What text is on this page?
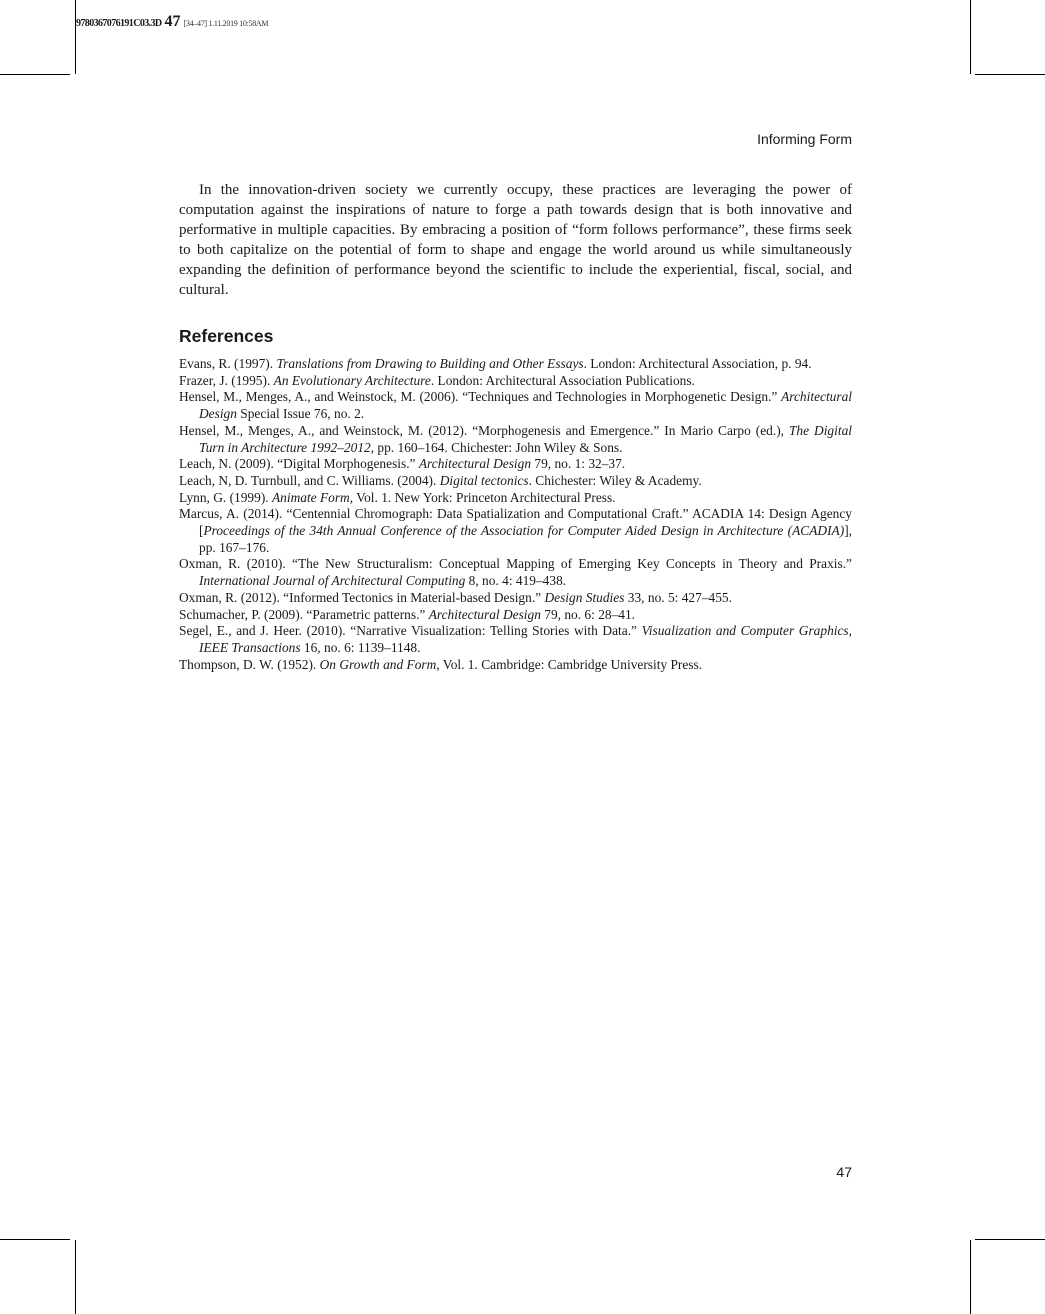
9780367076191C03.3D 47 [34–47] 1.11.2019 10:58AM
Informing Form

In the innovation-driven society we currently occupy, these practices are leveraging the power of computation against the inspirations of nature to forge a path towards design that is both innovative and performative in multiple capacities. By embracing a position of “form follows performance”, these firms seek to both capitalize on the potential of form to shape and engage the world around us while simultaneously expanding the definition of performance beyond the scientific to include the experiential, fiscal, social, and cultural.

References
Evans, R. (1997). Translations from Drawing to Building and Other Essays. London: Architectural Association, p. 94.
Frazer, J. (1995). An Evolutionary Architecture. London: Architectural Association Publications.
Hensel, M., Menges, A., and Weinstock, M. (2006). “Techniques and Technologies in Morphogenetic Design.” Architectural Design Special Issue 76, no. 2.
Hensel, M., Menges, A., and Weinstock, M. (2012). “Morphogenesis and Emergence.” In Mario Carpo (ed.), The Digital Turn in Architecture 1992–2012, pp. 160–164. Chichester: John Wiley & Sons.
Leach, N. (2009). “Digital Morphogenesis.” Architectural Design 79, no. 1: 32–37.
Leach, N, D. Turnbull, and C. Williams. (2004). Digital tectonics. Chichester: Wiley & Academy.
Lynn, G. (1999). Animate Form, Vol. 1. New York: Princeton Architectural Press.
Marcus, A. (2014). “Centennial Chromograph: Data Spatialization and Computational Craft.” ACADIA 14: Design Agency [Proceedings of the 34th Annual Conference of the Association for Computer Aided Design in Architecture (ACADIA)], pp. 167–176.
Oxman, R. (2010). “The New Structuralism: Conceptual Mapping of Emerging Key Concepts in Theory and Praxis.” International Journal of Architectural Computing 8, no. 4: 419–438.
Oxman, R. (2012). “Informed Tectonics in Material-based Design.” Design Studies 33, no. 5: 427–455.
Schumacher, P. (2009). “Parametric patterns.” Architectural Design 79, no. 6: 28–41.
Segel, E., and J. Heer. (2010). “Narrative Visualization: Telling Stories with Data.” Visualization and Computer Graphics, IEEE Transactions 16, no. 6: 1139–1148.
Thompson, D. W. (1952). On Growth and Form, Vol. 1. Cambridge: Cambridge University Press.
47
